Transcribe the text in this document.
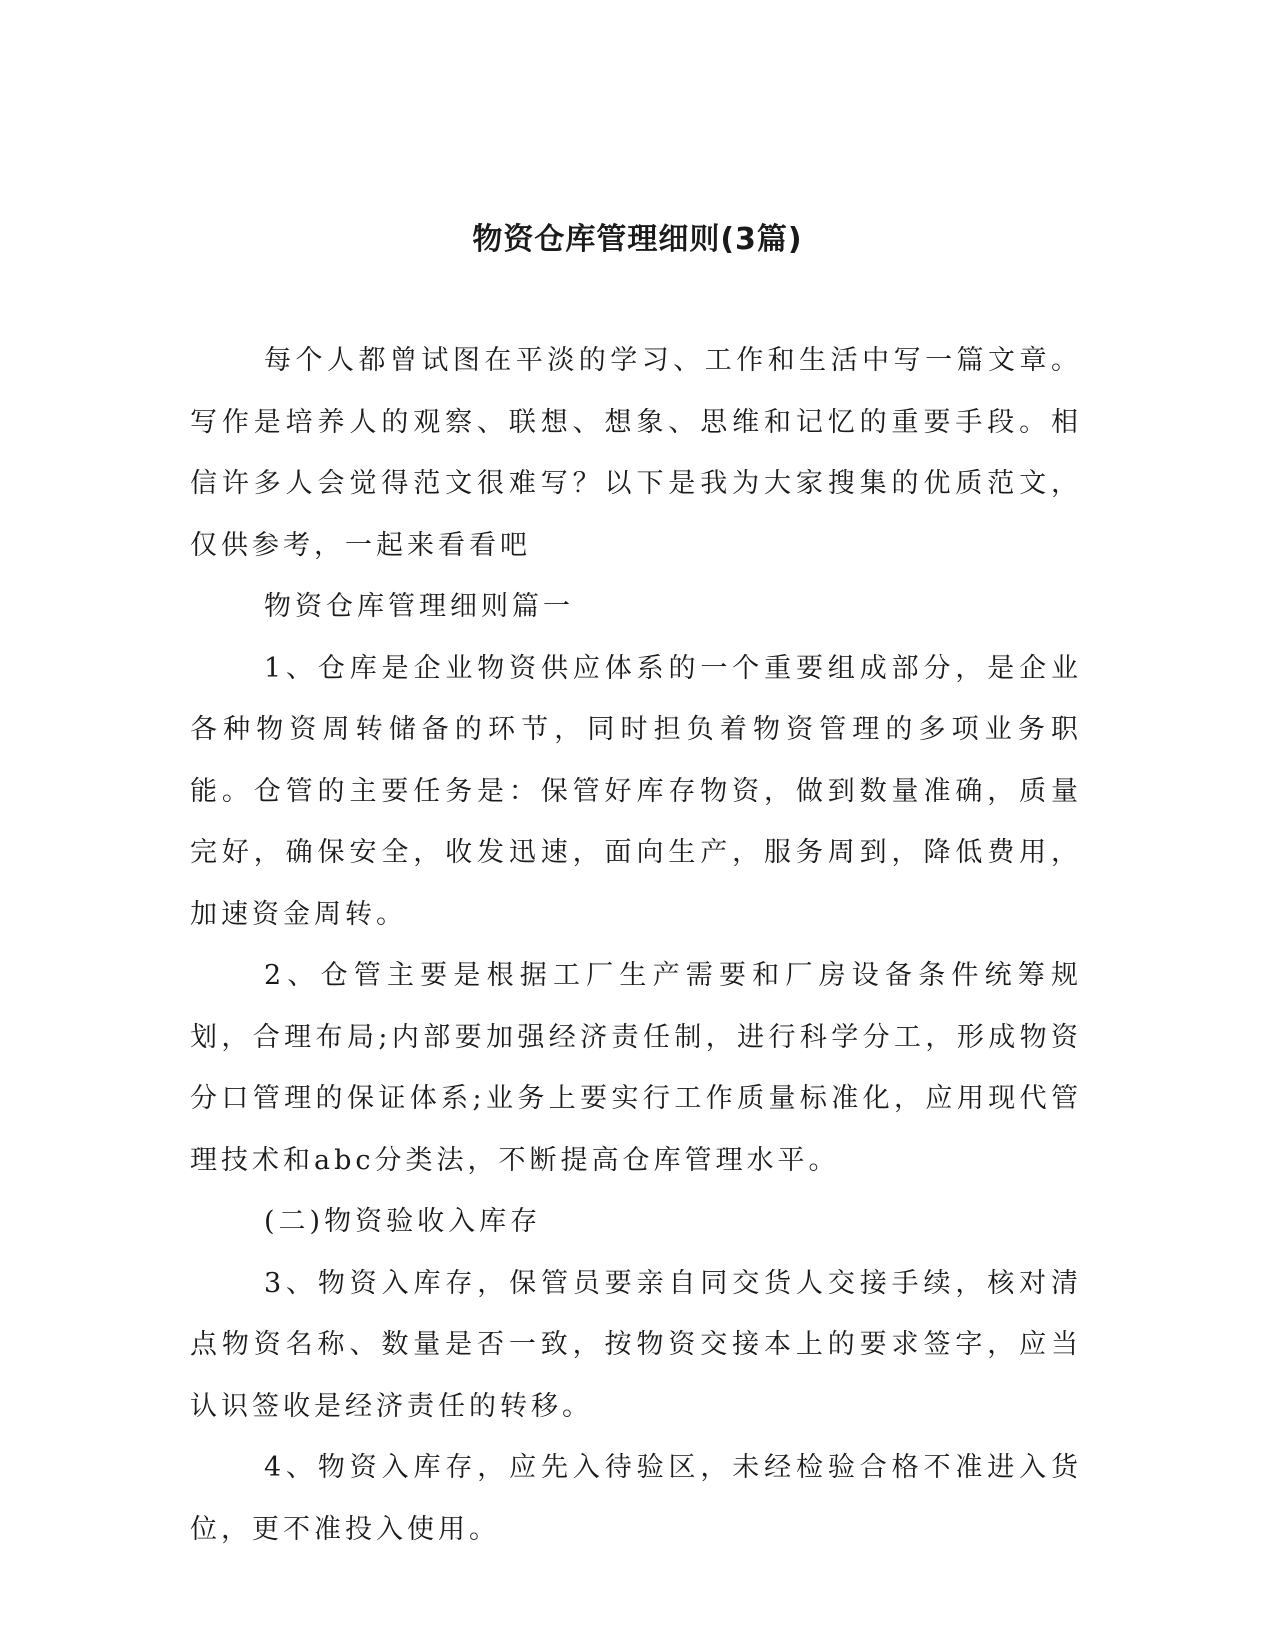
物资仓库管理细则(3篇)

每个人都曾试图在平淡的学习、工作和生活中写一篇文章。写作是培养人的观察、联想、想象、思维和记忆的重要手段。相信许多人会觉得范文很难写？以下是我为大家搜集的优质范文，仅供参考，一起来看看吧

物资仓库管理细则篇一

1、仓库是企业物资供应体系的一个重要组成部分，是企业各种物资周转储备的环节，同时担负着物资管理的多项业务职能。仓管的主要任务是：保管好库存物资，做到数量准确，质量完好，确保安全，收发迅速，面向生产，服务周到，降低费用，加速资金周转。

2、仓管主要是根据工厂生产需要和厂房设备条件统筹规划，合理布局;内部要加强经济责任制，进行科学分工，形成物资分口管理的保证体系;业务上要实行工作质量标准化，应用现代管理技术和abc分类法，不断提高仓库管理水平。

(二)物资验收入库存

3、物资入库存，保管员要亲自同交货人交接手续，核对清点物资名称、数量是否一致，按物资交接本上的要求签字，应当认识签收是经济责任的转移。

4、物资入库存，应先入待验区，未经检验合格不准进入货位，更不准投入使用。
